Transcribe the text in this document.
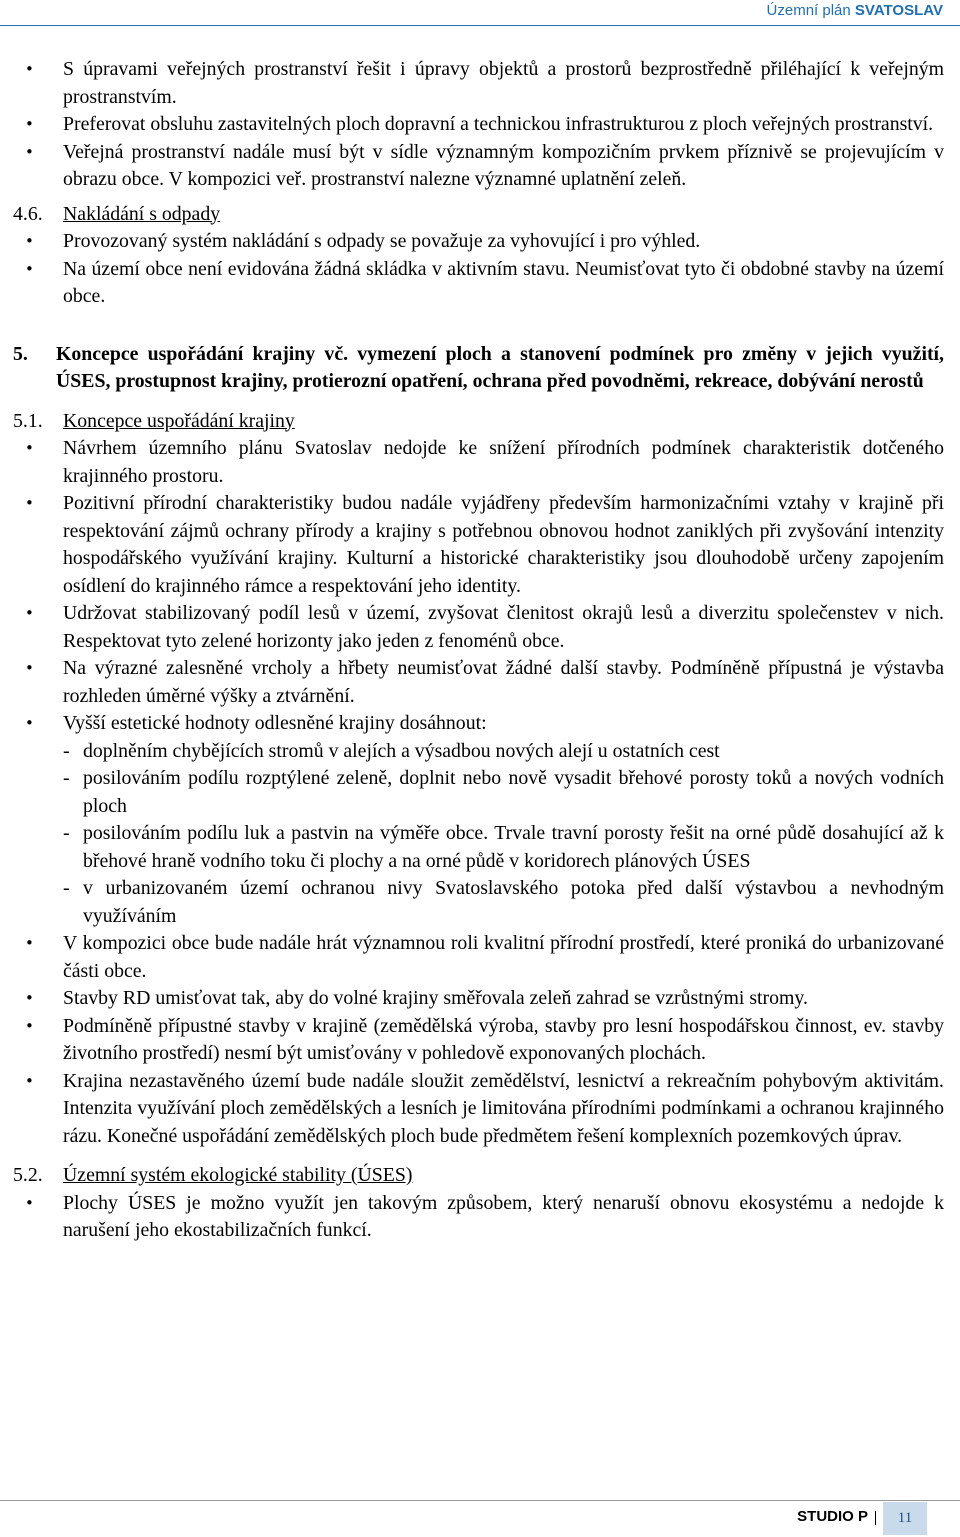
Územní plán SVATOSLAV
• S úpravami veřejných prostranství řešit i úpravy objektů a prostorů bezprostředně přiléhající k veřejným prostranstvím.
• Preferovat obsluhu zastavitelných ploch dopravní a technickou infrastrukturou z ploch veřejných prostranství.
• Veřejná prostranství nadále musí být v sídle významným kompozičním prvkem příznivě se projevujícím v obrazu obce. V kompozici veř. prostranství nalezne významné uplatnění zeleň.
4.6. Nakládání s odpady
• Provozovaný systém nakládání s odpady se považuje za vyhovující i pro výhled.
• Na území obce není evidována žádná skládka v aktivním stavu. Neumisťovat tyto či obdobné stavby na území obce.
5. Koncepce uspořádání krajiny vč. vymezení ploch a stanovení podmínek pro změny v jejich využití, ÚSES, prostupnost krajiny, protierozní opatření, ochrana před povodněmi, rekreace, dobývání nerostů
5.1. Koncepce uspořádání krajiny
• Návrhem územního plánu Svatoslav nedojde ke snížení přírodních podmínek charakteristik dotčeného krajinného prostoru.
• Pozitivní přírodní charakteristiky budou nadále vyjádřeny především harmonizačními vztahy v krajině při respektování zájmů ochrany přírody a krajiny s potřebnou obnovou hodnot zaniklých při zvyšování intenzity hospodářského využívání krajiny. Kulturní a historické charakteristiky jsou dlouhodobě určeny zapojením osídlení do krajinného rámce a respektování jeho identity.
• Udržovat stabilizovaný podíl lesů v území, zvyšovat členitost okrajů lesů a diverzitu společenstev v nich. Respektovat tyto zelené horizonty jako jeden z fenoménů obce.
• Na výrazné zalesněné vrcholy a hřbety neumisťovat žádné další stavby. Podmíněně přípustná je výstavba rozhleden úměrné výšky a ztvárnění.
• Vyšší estetické hodnoty odlesněné krajiny dosáhnout:
- doplněním chybějících stromů v alejích a výsadbou nových alejí u ostatních cest
- posilováním podílu rozptýlené zeleně, doplnit nebo nově vysadit břehové porosty toků a nových vodních ploch
- posilováním podílu luk a pastvin na výměře obce. Trvale travní porosty řešit na orné půdě dosahující až k břehové hraně vodního toku či plochy a na orné půdě v koridorech plánových ÚSES
- v urbanizovaném území ochranou nivy Svatoslavského potoka před další výstavbou a nevhodným využíváním
• V kompozici obce bude nadále hrát významnou roli kvalitní přírodní prostředí, které proniká do urbanizované části obce.
• Stavby RD umisťovat tak, aby do volné krajiny směřovala zeleň zahrad se vzrůstnými stromy.
• Podmíněně přípustné stavby v krajině (zemědělská výroba, stavby pro lesní hospodářskou činnost, ev. stavby životního prostředí) nesmí být umisťovány v pohledově exponovaných plochách.
• Krajina nezastavěného území bude nadále sloužit zemědělství, lesnictví a rekreačním pohybovým aktivitám. Intenzita využívání ploch zemědělských a lesních je limitována přírodními podmínkami a ochranou krajinného rázu. Konečné uspořádání zemědělských ploch bude předmětem řešení komplexních pozemkových úprav.
5.2. Územní systém ekologické stability (ÚSES)
• Plochy ÚSES je možno využít jen takovým způsobem, který nenaruší obnovu ekosystému a nedojde k narušení jeho ekostabilizačních funkcí.
STUDIO P	11
